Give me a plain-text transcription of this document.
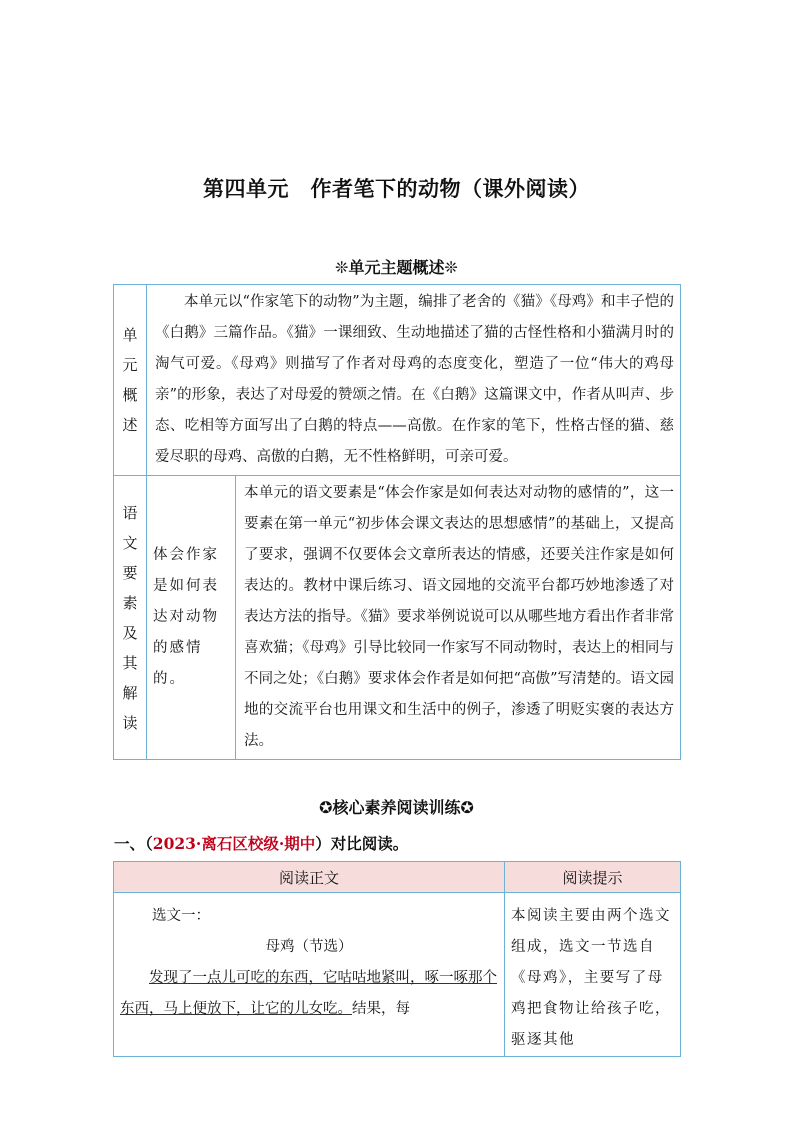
第四单元　作者笔下的动物（课外阅读）
❊单元主题概述❊
单元概述	本单元以“作家笔下的动物”为主题，编排了老舍的《猫》《母鸡》和丰子恺的《白鹅》三篇作品。《猫》一课细致、生动地描述了猫的古怪性格和小猫满月时的淘气可爱。《母鸡》则描写了作者对母鸡的态度变化，塑造了一位“伟大的鸡母亲”的形象，表达了对母爱的赞颂之情。在《白鹅》这篇课文中，作者从叫声、步态、吃相等方面写出了白鹅的特点——高傲。在作家的笔下，性格古怪的猫、慈爱尽职的母鸡、高傲的白鹅，无不性格鲜明，可亲可爱。	

语文要素及其解读	体会作家是如何表达对动物的感情的。	本单元的语文要素是“体会作家是如何表达对动物的感情的”，这一要素在第一单元“初步体会课文表达的思想感情”的基础上，又提高了要求，强调不仅要体会文章所表达的情感，还要关注作家是如何表达的。教材中课后练习、语文园地的交流平台都巧妙地渗透了对表达方法的指导。《猫》要求举例说说可以从哪些地方看出作者非常喜欢猫；《母鸡》引导比较同一作家写不同动物时，表达上的相同与不同之处；《白鹅》要求体会作者是如何把“高傲”写清楚的。语文园地的交流平台也用课文和生活中的例子，渗透了明贬实褒的表达方法。
✪核心素养阅读训练✪
一、（2023·离石区校级·期中）对比阅读。
阅读正文	阅读提示

选文一：
母鸡（节选）
发现了一点儿可吃的东西，它咕咕地紧叫，啄一啄那个东西，马上便放下，让它的儿女吃。结果，每	本阅读主要由两个选文组成，选文一节选自《母鸡》，主要写了母鸡把食物让给孩子吃，驱逐其他
